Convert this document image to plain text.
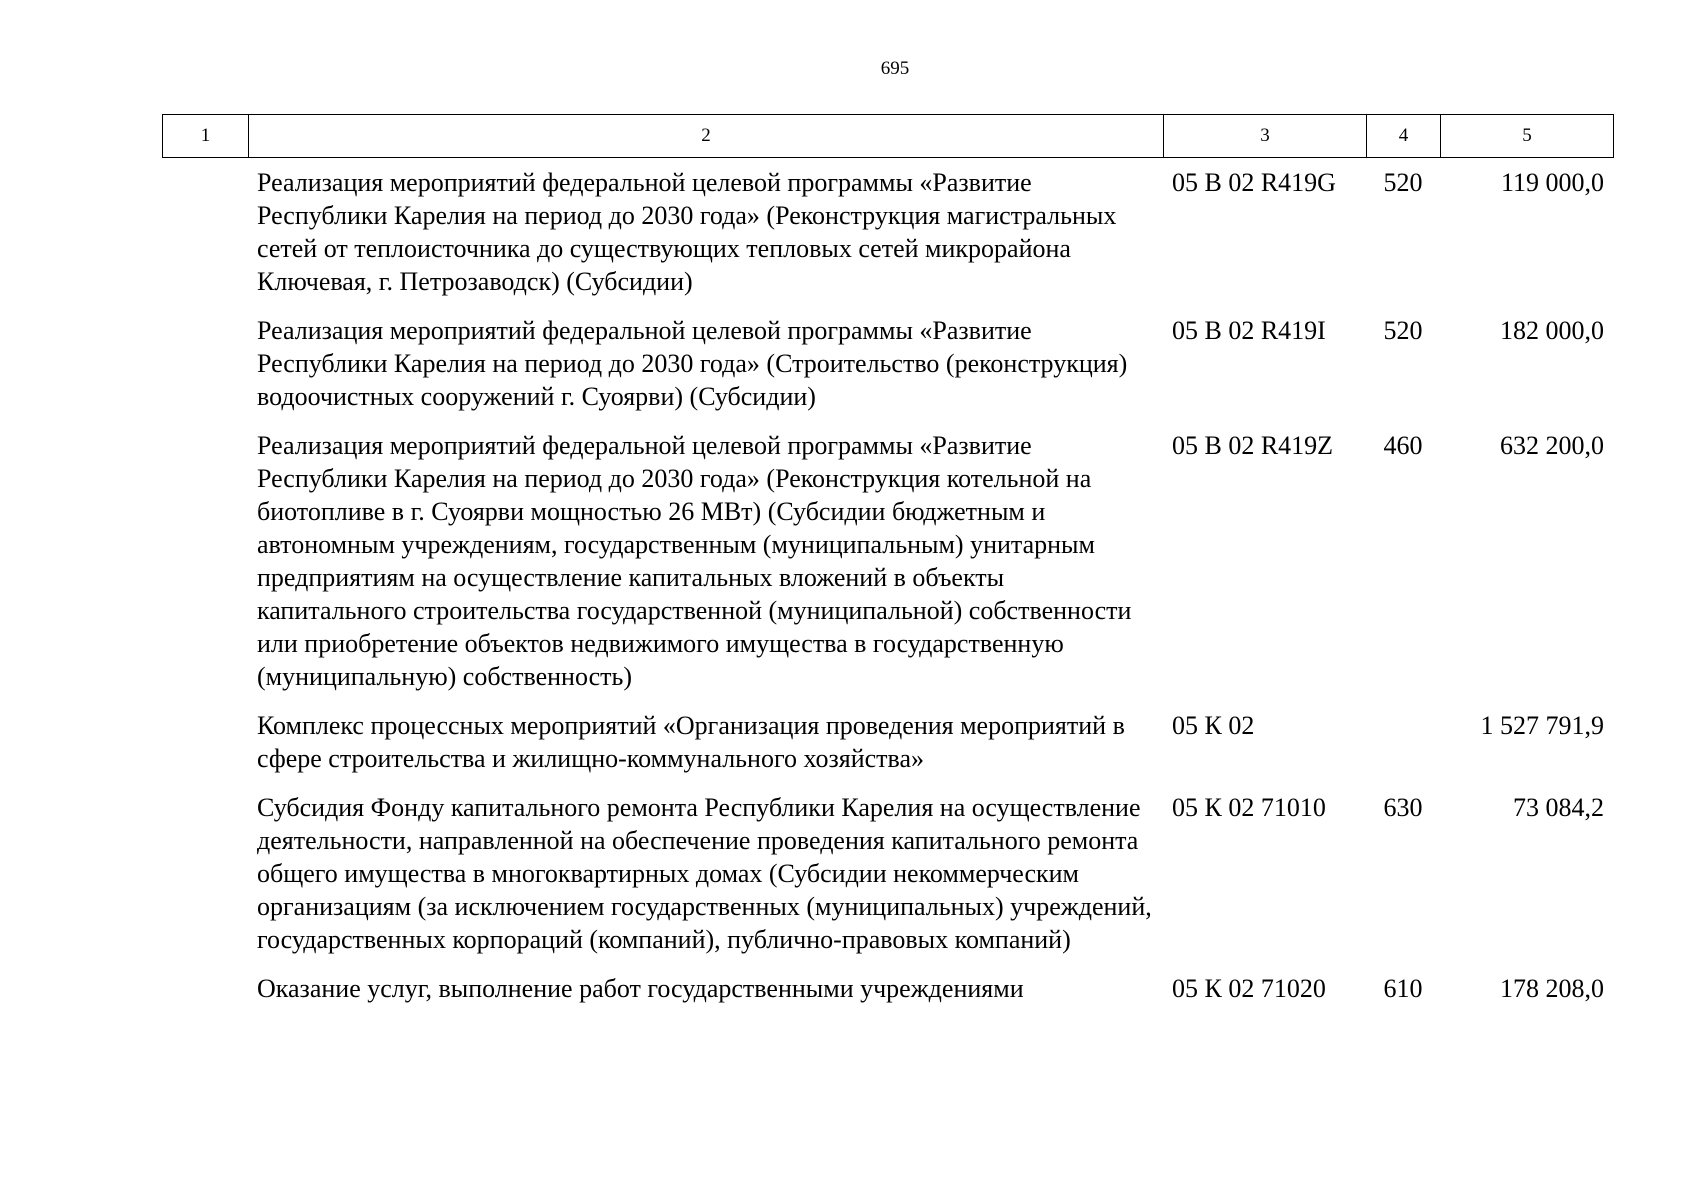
695
1	2	3	4	5
	Реализация мероприятий федеральной целевой программы «Развитие Республики Карелия на период до 2030 года» (Реконструкция магистральных сетей от теплоисточника до существующих тепловых сетей микрорайона Ключевая, г. Петрозаводск) (Субсидии)	05 В 02 R419G	520	119 000,0
	Реализация мероприятий федеральной целевой программы «Развитие Республики Карелия на период до 2030 года» (Строительство (реконструкция) водоочистных сооружений г. Суоярви) (Субсидии)	05 В 02 R419I	520	182 000,0
	Реализация мероприятий федеральной целевой программы «Развитие Республики Карелия на период до 2030 года» (Реконструкция котельной на биотопливе в г. Суоярви мощностью 26 МВт) (Субсидии бюджетным и автономным учреждениям, государственным (муниципальным) унитарным предприятиям на осуществление капитальных вложений в объекты капитального строительства государственной (муниципальной) собственности или приобретение объектов недвижимого имущества в государственную (муниципальную) собственность)	05 В 02 R419Z	460	632 200,0
	Комплекс процессных мероприятий «Организация проведения мероприятий в сфере строительства и жилищно-коммунального хозяйства»	05 К 02		1 527 791,9
	Субсидия Фонду капитального ремонта Республики Карелия на осуществление деятельности, направленной на обеспечение проведения капитального ремонта общего имущества в многоквартирных домах (Субсидии некоммерческим организациям (за исключением государственных (муниципальных) учреждений, государственных корпораций (компаний), публично-правовых компаний)	05 К 02 71010	630	73 084,2
	Оказание услуг, выполнение работ государственными учреждениями	05 К 02 71020	610	178 208,0
